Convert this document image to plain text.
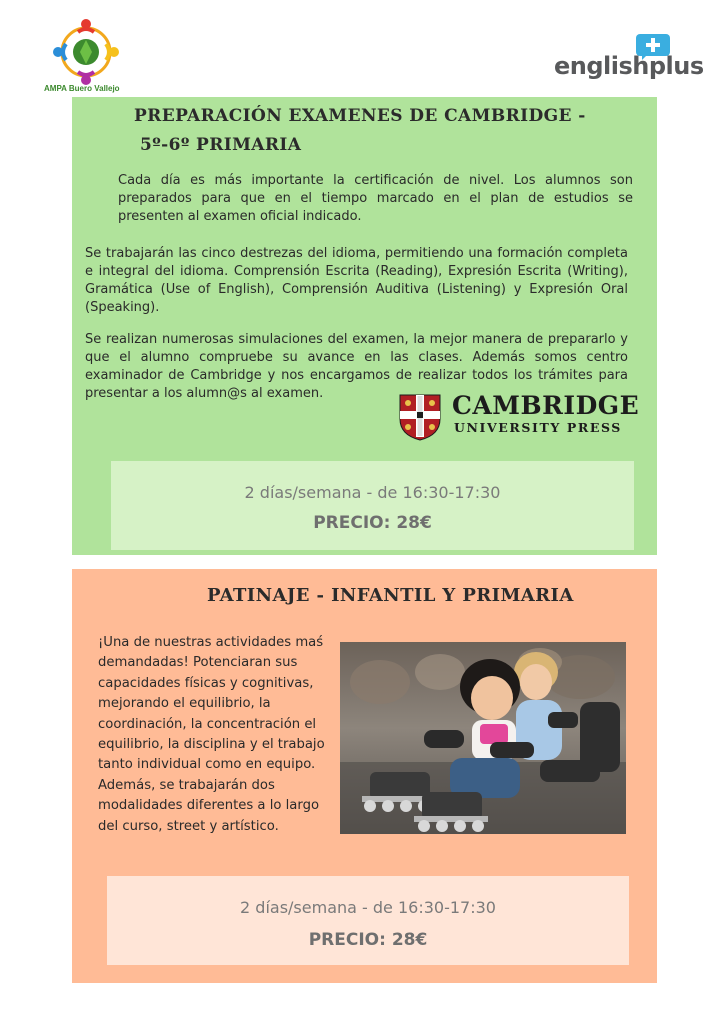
AMPA Buero Vallejo
englishplus
PREPARACIÓN EXAMENES DE CAMBRIDGE -
5º-6º PRIMARIA
Cada día es más importante la certificación de nivel. Los alumnos son preparados para que en el tiempo marcado en el plan de estudios se presenten al examen oficial indicado.
Se trabajarán las cinco destrezas del idioma, permitiendo una formación completa e integral del idioma. Comprensión Escrita (Reading), Expresión Escrita (Writing), Gramática (Use of English), Comprensión Auditiva (Listening) y Expresión Oral (Speaking).
Se realizan numerosas simulaciones del examen, la mejor manera de prepararlo y que el alumno compruebe su avance en las clases. Además somos centro examinador de Cambridge y nos encargamos de realizar todos los trámites para presentar a los alumn@s al examen.	CAMBRIDGE
UNIVERSITY PRESS
2 días/semana - de 16:30-17:30
PRECIO: 28€
PATINAJE - INFANTIL Y PRIMARIA
¡Una de nuestras actividades maś demandadas! Potenciaran sus capacidades físicas y cognitivas, mejorando el equilibrio, la coordinación, la concentración el equilibrio, la disciplina y el trabajo tanto individual como en equipo. Además, se trabajarán dos modalidades diferentes a lo largo del curso, street y artístico.
2 días/semana - de 16:30-17:30
PRECIO: 28€
